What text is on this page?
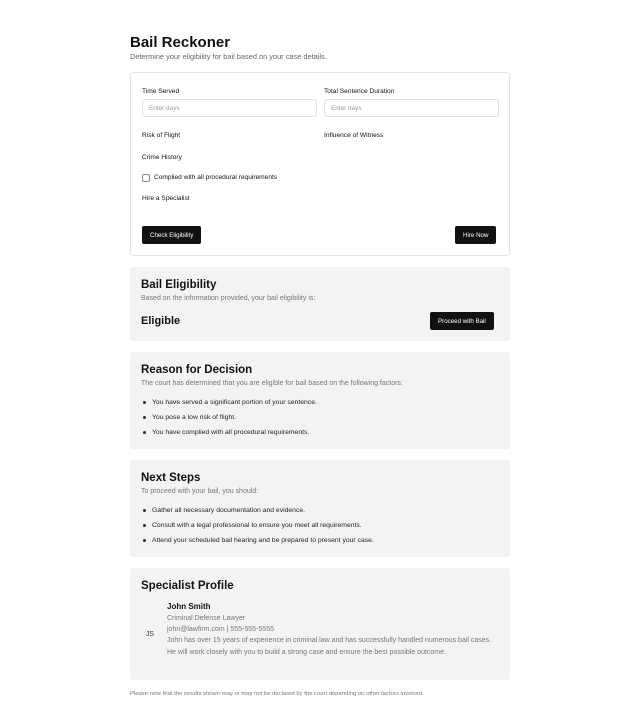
Bail Reckoner
Determine your eligibility for bail based on your case details.
Time Served
Enter days	Total Sentence Duration
Enter days
Risk of Flight	Influence of Witness
Crime History
Complied with all procedural requirements
Hire a Specialist
Check Eligibility	Hire Now
Bail Eligibility
Based on the information provided, your bail eligibility is:
Eligible	Proceed with Bail
Reason for Decision
The court has determined that you are eligible for bail based on the following factors:
You have served a significant portion of your sentence.
You pose a low risk of flight.
You have complied with all procedural requirements.
Next Steps
To proceed with your bail, you should:
Gather all necessary documentation and evidence.
Consult with a legal professional to ensure you meet all requirements.
Attend your scheduled bail hearing and be prepared to present your case.
Specialist Profile
JS
John Smith
Criminal Defense Lawyer
john@lawfirm.com | 555-555-5555
John has over 15 years of experience in criminal law and has successfully handled numerous bail cases. He will work closely with you to build a strong case and ensure the best possible outcome.
Please note that the results shown may or may not be declared by the court depending on other factors involved.
